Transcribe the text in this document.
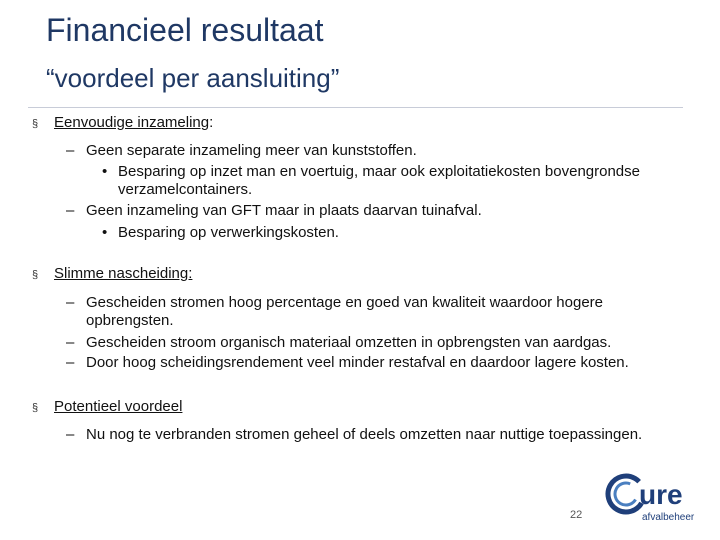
Financieel resultaat
“voordeel per aansluiting”
§ Eenvoudige inzameling:
– Geen separate inzameling meer van kunststoffen.
• Besparing op inzet man en voertuig, maar ook exploitatiekosten bovengrondse
verzamelcontainers.
– Geen inzameling van GFT maar in plaats daarvan tuinafval.
• Besparing op verwerkingskosten.
§ Slimme nascheiding:
– Gescheiden stromen hoog percentage en goed van kwaliteit waardoor hogere
opbrengsten.
– Gescheiden stroom organisch materiaal omzetten in opbrengsten van aardgas.
– Door hoog scheidingsrendement veel minder restafval en daardoor lagere kosten.
§ Potentieel voordeel
– Nu nog te verbranden stromen geheel of deels omzetten naar nuttige toepassingen.
22
ure
afvalbeheer
